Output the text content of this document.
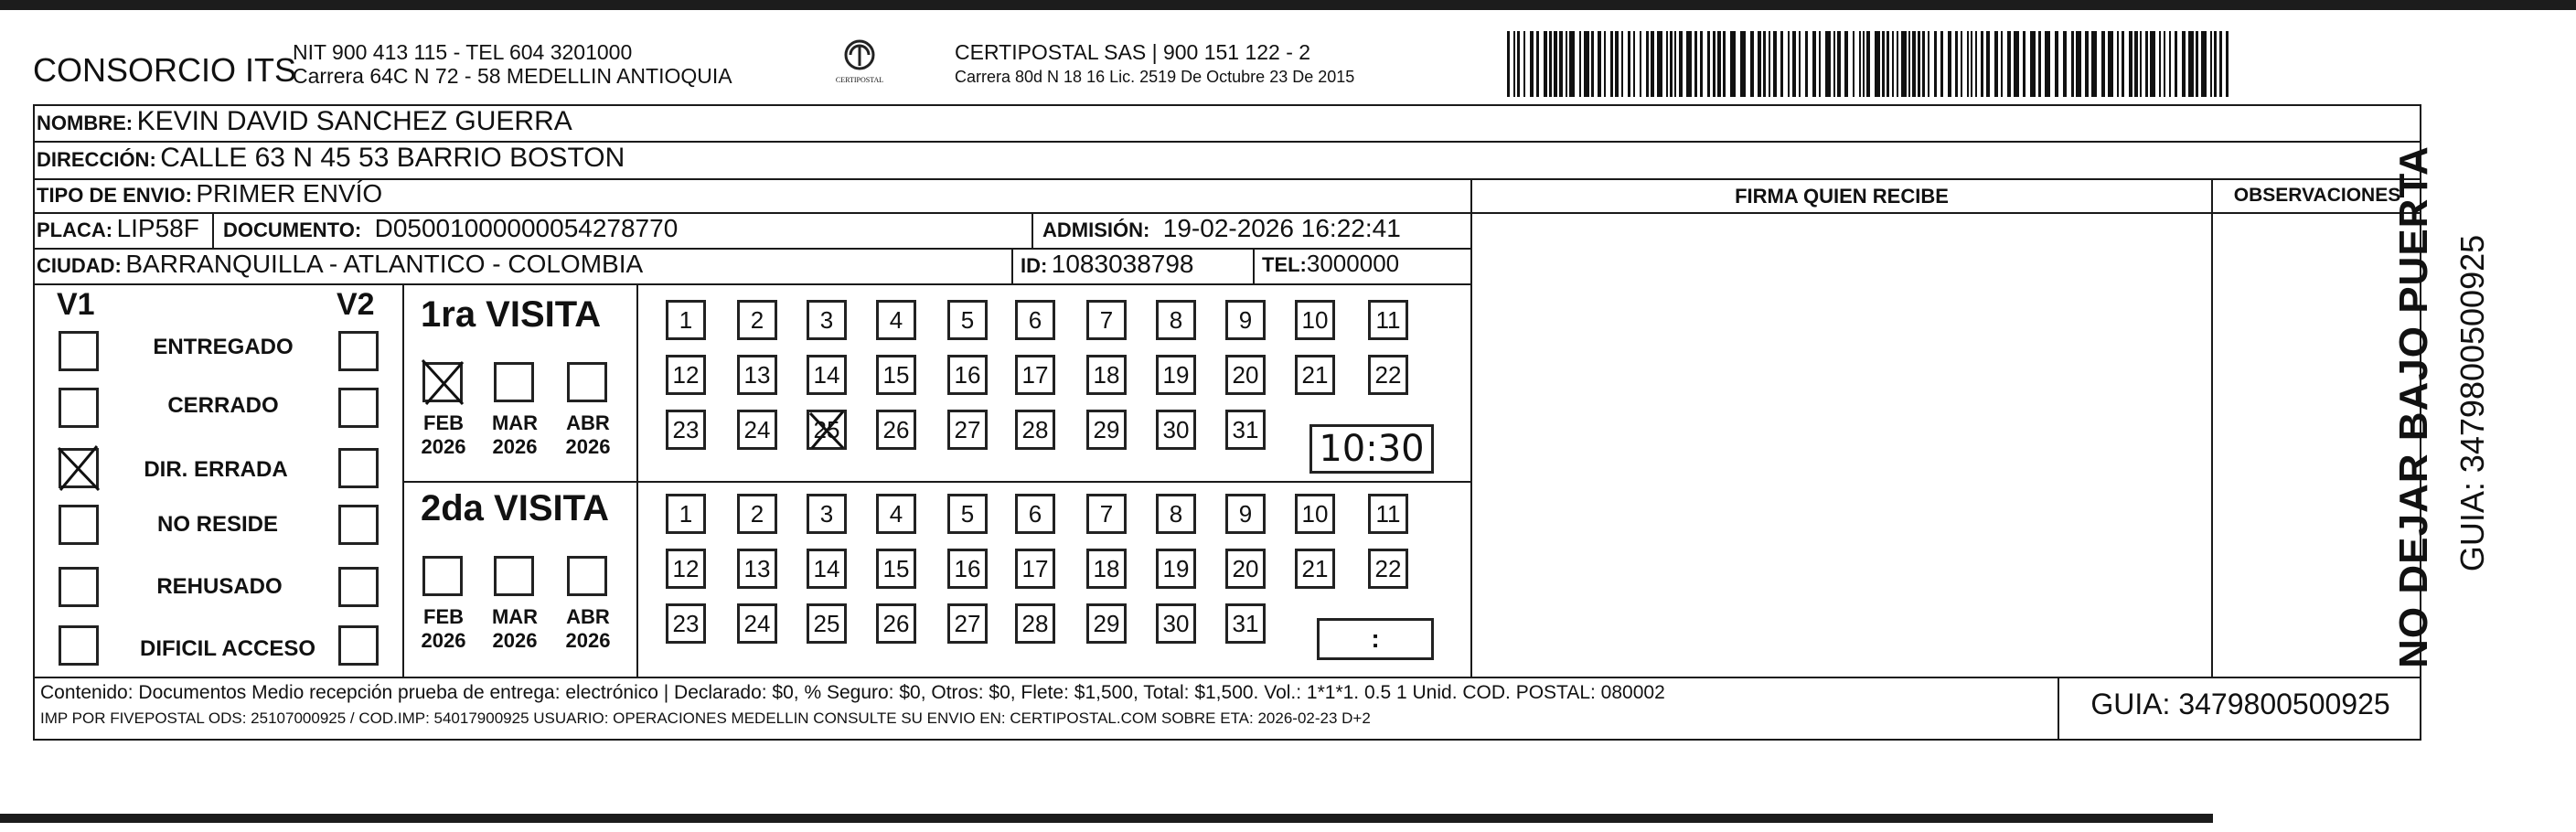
CONSORCIO ITS
NIT 900 413 115 - TEL 604 3201000
Carrera 64C N 72 - 58 MEDELLIN ANTIOQUIA	CERTIPOSTAL
CERTIPOSTAL SAS | 900 151 122 - 2
Carrera 80d N 18 16 Lic. 2519 De Octubre 23 De 2015
NOMBRE: KEVIN DAVID SANCHEZ GUERRA
DIRECCIÓN: CALLE 63 N 45 53 BARRIO BOSTON
TIPO DE ENVIO: PRIMER ENVÍO	FIRMA QUIEN RECIBE	OBSERVACIONES
PLACA: LIP58F DOCUMENTO: D05001000000054278770	ADMISIÓN: 19-02-2026 16:22:41
CIUDAD: BARRANQUILLA - ATLANTICO - COLOMBIA	ID: 1083038798	TEL:3000000
V1	V2
ENTREGADO
CERRADO
DIR. ERRADA
NO RESIDE
REHUSADO
DIFICIL ACCESO
1ra VISITA
FEB
2026
MAR
2026
ABR
2026
2da VISITA
FEB
2026
MAR
2026
ABR
2026
1	2	3	4	5	6	7	8	9	10	11
12 13 14 15 16 17 18 19 20 21 22
23 24 25 26 27 28 29 30 31
1	2	3	4	5	6	7	8	9	10	11
12 13 14 15 16 17 18 19 20 21 22
23 24 25 26 27 28 29 30 31
10:30
:
Contenido: Documentos Medio recepción prueba de entrega: electrónico | Declarado: $0, % Seguro: $0, Otros: $0, Flete: $1,500, Total: $1,500. Vol.: 1*1*1. 0.5 1 Unid. COD. POSTAL: 080002
IMP POR FIVEPOSTAL ODS: 25107000925 / COD.IMP: 54017900925 USUARIO: OPERACIONES MEDELLIN CONSULTE SU ENVIO EN: CERTIPOSTAL.COM SOBRE ETA: 2026-02-23 D+2	GUIA: 3479800500925
NO DEJAR BAJO PUERTA GUIA: 3479800500925
